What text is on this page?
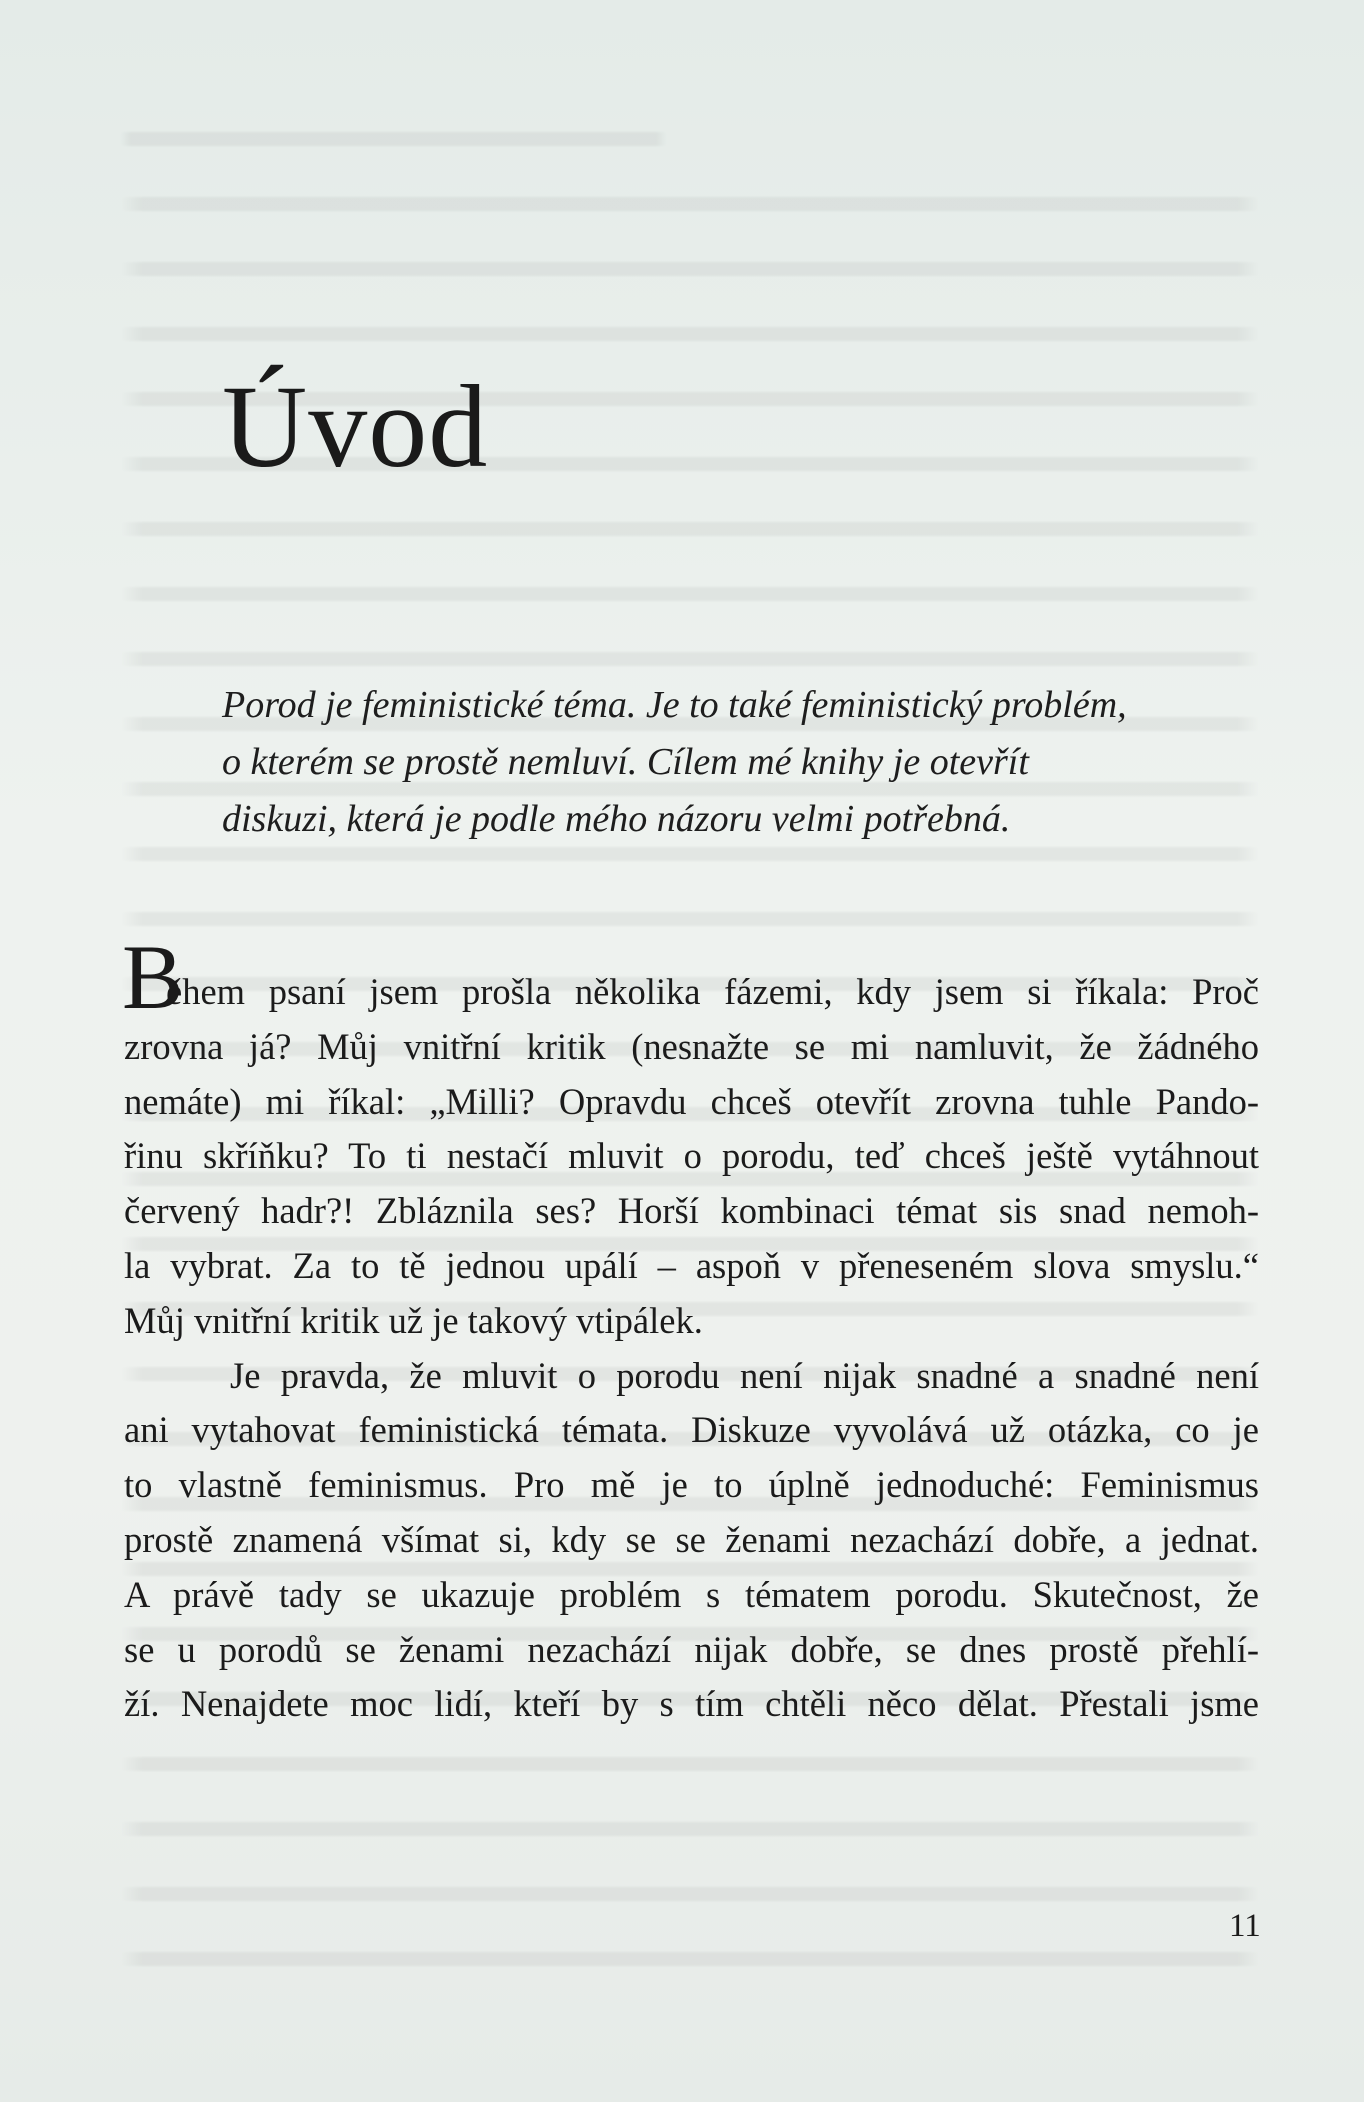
Úvod
Porod je feministické téma. Je to také feministický problém,
o kterém se prostě nemluví. Cílem mé knihy je otevřít
diskuzi, která je podle mého názoru velmi potřebná.
B
ěhem psaní jsem prošla několika fázemi, kdy jsem si říkala: Proč
zrovna já? Můj vnitřní kritik (nesnažte se mi namluvit, že žádného
nemáte) mi říkal: „Milli? Opravdu chceš otevřít zrovna tuhle Pando-
řinu skříňku? To ti nestačí mluvit o porodu, teď chceš ještě vytáhnout
červený hadr?! Zbláznila ses? Horší kombinaci témat sis snad nemoh-
la vybrat. Za to tě jednou upálí – aspoň v přeneseném slova smyslu.“
Můj vnitřní kritik už je takový vtipálek.
Je pravda, že mluvit o porodu není nijak snadné a snadné není
ani vytahovat feministická témata. Diskuze vyvolává už otázka, co je
to vlastně feminismus. Pro mě je to úplně jednoduché: Feminismus
prostě znamená všímat si, kdy se se ženami nezachází dobře, a jednat.
A právě tady se ukazuje problém s tématem porodu. Skutečnost, že
se u porodů se ženami nezachází nijak dobře, se dnes prostě přehlí-
ží. Nenajdete moc lidí, kteří by s tím chtěli něco dělat. Přestali jsme
11
